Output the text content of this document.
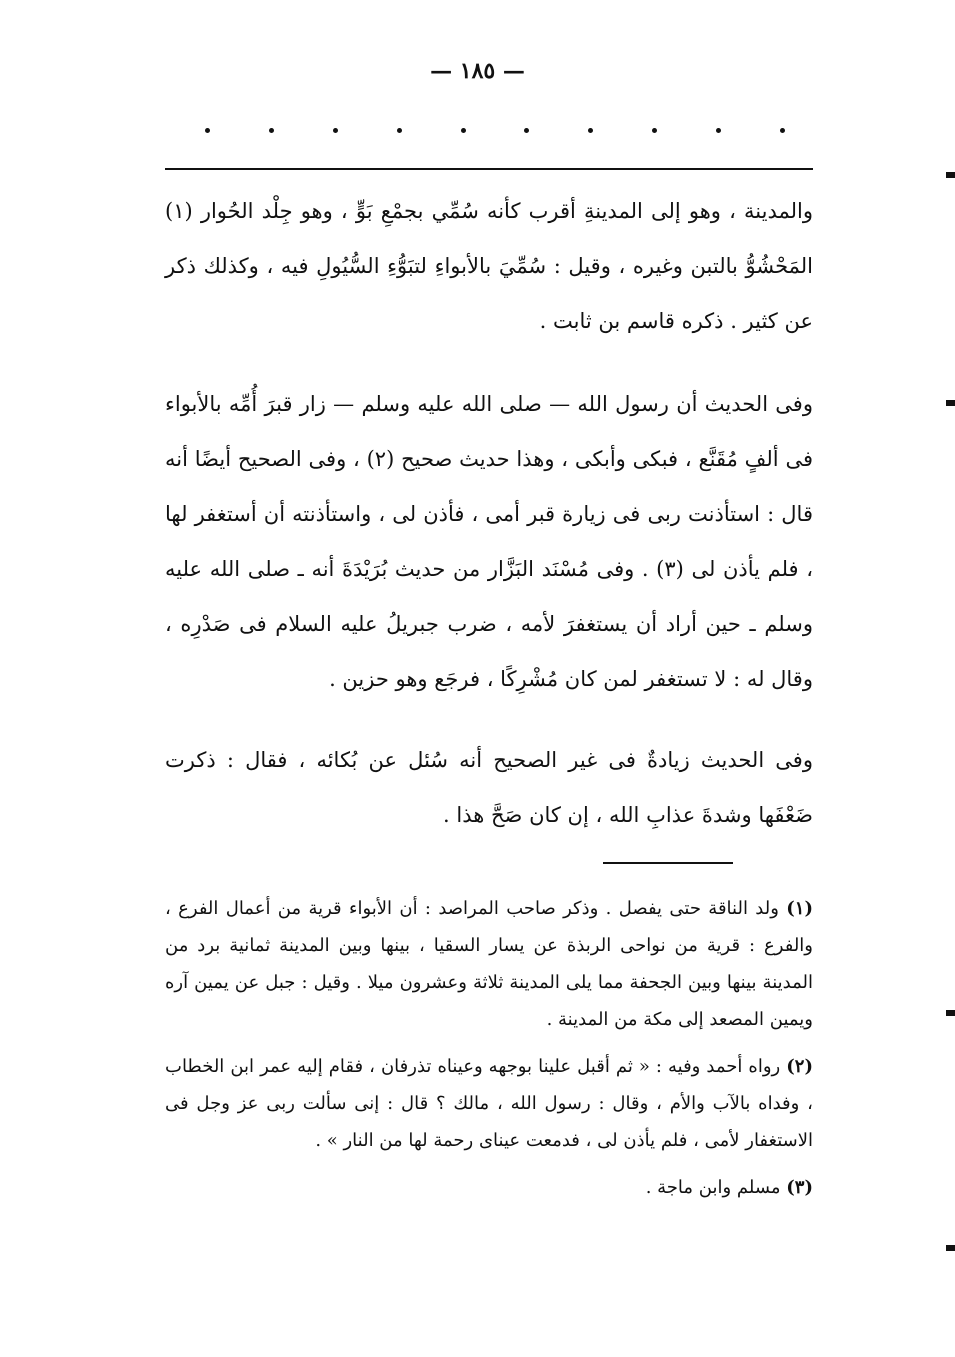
— ١٨٥ —

والمدينة ، وهو إلى المدينةِ أقرب كأنه سُمِّي بجمْعِ بَوٍّ ، وهو جِلْد الحُوار (١) المَحْشُوُّ بالتبن وغيره ، وقيل : سُمِّيَ بالأبواءِ لتبَوُّءِ السُّيُولِ فيه ، وكذلك ذكر عن كثير . ذكره قاسم بن ثابت .

وفى الحديث أن رسول الله — صلى الله عليه وسلم — زار قبرَ أُمِّه بالأبواء فى ألفٍ مُقَنَّع ، فبكى وأبكى ، وهذا حديث صحيح (٢) ، وفى الصحيح أيضًا أنه قال : استأذنت ربى فى زيارة قبر أمى ، فأذن لى ، واستأذنته أن أستغفر لها ، فلم يأذن لى (٣) . وفى مُسْنَد البَزَّار من حديث بُرَيْدَةَ أنه ـ صلى الله عليه وسلم ـ حين أراد أن يستغفرَ لأمه ، ضرب جبريلُ عليه السلام فى صَدْرِه ، وقال له : لا تستغفر لمن كان مُشْرِكًا ، فرجَع وهو حزين .

وفى الحديث زيادةٌ فى غير الصحيح أنه سُئل عن بُكائه ، فقال : ذكرت ضَعْفَها وشدةَ عذابِ الله ، إن كان صَحَّ هذا .

(١) ولد الناقة حتى يفصل . وذكر صاحب المراصد : أن الأبواء قرية من أعمال الفرع ، والفرع : قرية من نواحى الربذة عن يسار السقيا ، بينها وبين المدينة ثمانية برد من المدينة بينها وبين الجحفة مما يلى المدينة ثلاثة وعشرون ميلا . وقيل : جبل عن يمين آره ويمين المصعد إلى مكة من المدينة .

(٢) رواه أحمد وفيه : « ثم أقبل علينا بوجهه وعيناه تذرفان ، فقام إليه عمر ابن الخطاب ، وفداه بالآب والأم ، وقال : رسول الله ، مالك ؟ قال : إنى سألت ربى عز وجل فى الاستغفار لأمى ، فلم يأذن لى ، فدمعت عيناى رحمة لها من النار » .

(٣) مسلم وابن ماجة .
